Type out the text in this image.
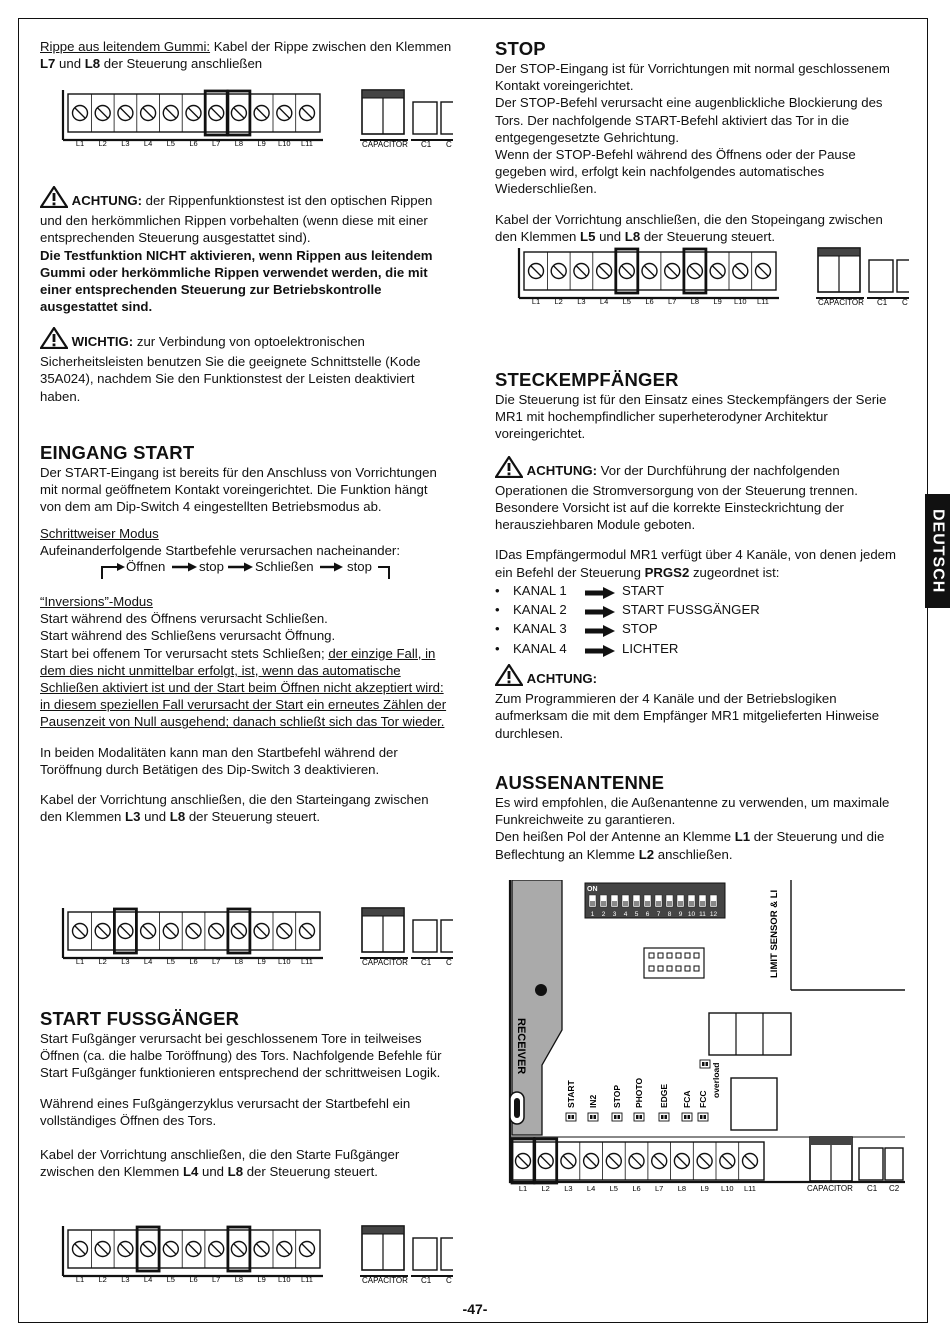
DEUTSCH

Rippe aus leitendem Gummi: Kabel der Rippe zwischen den Klemmen L7 und L8 der Steuerung anschließen

L1 L2 L3 L4 L5 L6 L7 L8 L9 L10 L11	CAPACITOR C1 C

ACHTUNG: der Rippenfunktionstest ist den optischen Rippen und den herkömmlichen Rippen vorbehalten (wenn diese mit einer entsprechenden Steuerung ausgestattet sind).
Die Testfunktion NICHT aktivieren, wenn Rippen aus leitendem Gummi oder herkömmliche Rippen verwendet werden, die mit einer entsprechenden Steuerung zur Betriebskontrolle ausgestattet sind.

WICHTIG: zur Verbindung von optoelektronischen Sicherheitsleisten benutzen Sie die geeignete Schnittstelle (Kode 35A024), nachdem Sie den Funktionstest der Leisten deaktiviert haben.

EINGANG START

Der START-Eingang ist bereits für den Anschluss von Vorrichtungen mit normal geöffnetem Kontakt voreingerichtet. Die Funktion hängt von dem am Dip-Switch 4 eingestellten Betriebsmodus ab.

Schrittweiser Modus

Aufeinanderfolgende Startbefehle verursachen nacheinander:

Öffnen	stop Schließen	stop

“Inversions”-Modus

Start während des Öffnens verursacht Schließen.

Start während des Schließens verursacht Öffnung.

Start bei offenem Tor verursacht stets Schließen; der einzige Fall, in dem dies nicht unmittelbar erfolgt, ist, wenn das automatische Schließen aktiviert ist und der Start beim Öffnen nicht akzeptiert wird: in diesem speziellen Fall verursacht der Start ein erneutes Zählen der Pausenzeit von Null ausgehend; danach schließt sich das Tor wieder.

In beiden Modalitäten kann man den Startbefehl während der Toröffnung durch Betätigen des Dip-Switch 3 deaktivieren.

Kabel der Vorrichtung anschließen, die den Starteingang zwischen den Klemmen L3 und L8 der Steuerung steuert.

L1 L2 L3 L4 L5 L6 L7 L8 L9 L10 L11	CAPACITOR C1 C
START FUSSGÄNGER

Start Fußgänger verursacht bei geschlossenem Tore in teilweises Öffnen (ca. die halbe Toröffnung) des Tors. Nachfolgende Befehle für Start Fußgänger funktionieren entsprechend der schrittweisen Logik.

Während eines Fußgängerzyklus verursacht der Startbefehl ein vollständiges Öffnen des Tors.

Kabel der Vorrichtung anschließen, die den Starte Fußgänger zwischen den Klemmen L4 und L8 der Steuerung steuert.

L1 L2 L3 L4 L5 L6 L7 L8 L9 L10 L11	CAPACITOR C1 C
STOP

Der STOP-Eingang ist für Vorrichtungen mit normal geschlossenem Kontakt voreingerichtet.

Der STOP-Befehl verursacht eine augenblickliche Blockierung des Tors. Der nachfolgende START-Befehl aktiviert das Tor in die entgegengesetzte Gehrichtung.

Wenn der STOP-Befehl während des Öffnens oder der Pause gegeben wird, erfolgt kein nachfolgendes automatisches Wiederschließen.

Kabel der Vorrichtung anschließen, die den Stopeingang zwischen den Klemmen L5 und L8 der Steuerung steuert.

L1 L2 L3 L4 L5 L6 L7 L8 L9 L10 L11	CAPACITOR C1 C
STECKEMPFÄNGER

Die Steuerung ist für den Einsatz eines Steckempfängers der Serie MR1 mit hochempfindlicher superheterodyner Architektur voreingerichtet.

ACHTUNG: Vor der Durchführung der nachfolgenden Operationen die Stromversorgung von der Steuerung trennen. Besondere Vorsicht ist auf die korrekte Einsteckrichtung der herausziehbaren Module geboten.

IDas Empfängermodul MR1 verfügt über 4 Kanäle, von denen jedem ein Befehl der Steuerung PRGS2 zugeordnet ist:

• KANAL 1	START
• KANAL 2	START FUSSGÄNGER
• KANAL 3	STOP
• KANAL 4	LICHTER

ACHTUNG:

Zum Programmieren der 4 Kanäle und der Betriebslogiken aufmerksam die mit dem Empfänger MR1 mitgelieferten Hinweise durchlesen.

AUSSENANTENNE

Es wird empfohlen, die Außenantenne zu verwenden, um maximale Funkreichweite zu garantieren.

Den heißen Pol der Antenne an Klemme L1 der Steuerung und die Beflechtung an Klemme L2 anschließen.

RECEIVER
ON
1 2 3 4 5 6 7 8 9 10 11 12	LIMIT SENSOR & LI
START IN2 STOP PHOTO EDGE FCA FCC
overload
L1 L2 L3 L4 L5 L6 L7 L8 L9 L10 L11	CAPACITOR C1 C2
-47-
